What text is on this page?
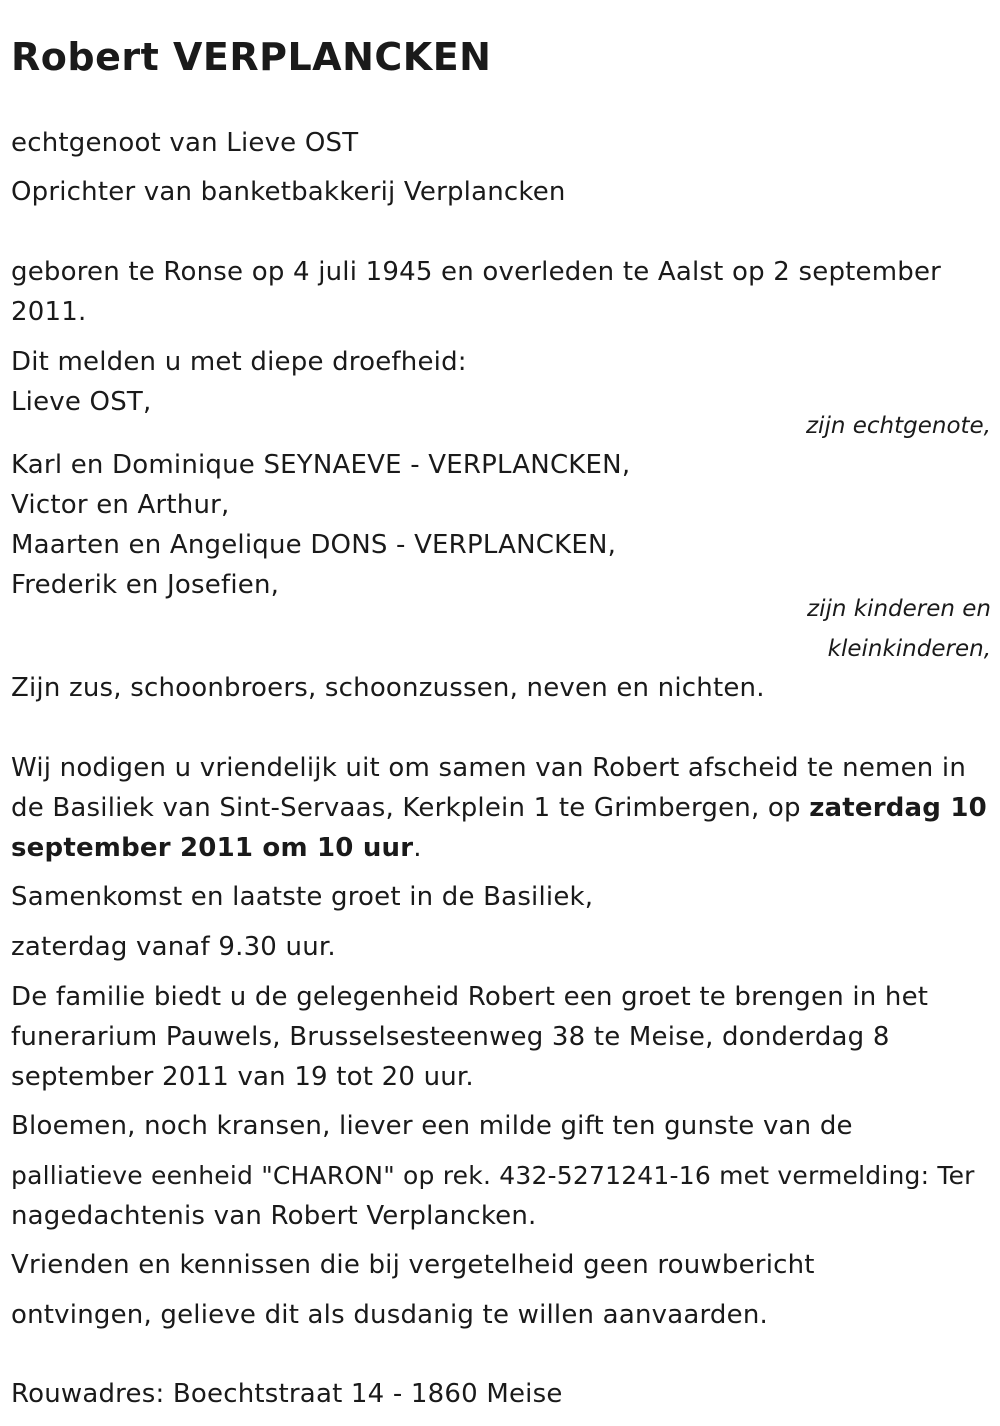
Robert VERPLANCKEN
echtgenoot van Lieve OST
Oprichter van banketbakkerij Verplancken
geboren te Ronse op 4 juli 1945 en overleden te Aalst op 2 september
2011.
Dit melden u met diepe droefheid:
Lieve OST,
zijn echtgenote,
Karl en Dominique SEYNAEVE - VERPLANCKEN,
Victor en Arthur,
Maarten en Angelique DONS - VERPLANCKEN,
Frederik en Josefien,
zijn kinderen en
kleinkinderen,
Zijn zus, schoonbroers, schoonzussen, neven en nichten.
Wij nodigen u vriendelijk uit om samen van Robert afscheid te nemen in
de Basiliek van Sint-Servaas, Kerkplein 1 te Grimbergen, op zaterdag 10
september 2011 om 10 uur.
Samenkomst en laatste groet in de Basiliek,
zaterdag vanaf 9.30 uur.
De familie biedt u de gelegenheid Robert een groet te brengen in het
funerarium Pauwels, Brusselsesteenweg 38 te Meise, donderdag 8
september 2011 van 19 tot 20 uur.
Bloemen, noch kransen, liever een milde gift ten gunste van de
palliatieve eenheid "CHARON" op rek. 432-5271241-16 met vermelding: Ter
nagedachtenis van Robert Verplancken.
Vrienden en kennissen die bij vergetelheid geen rouwbericht
ontvingen, gelieve dit als dusdanig te willen aanvaarden.
Rouwadres: Boechtstraat 14 - 1860 Meise
